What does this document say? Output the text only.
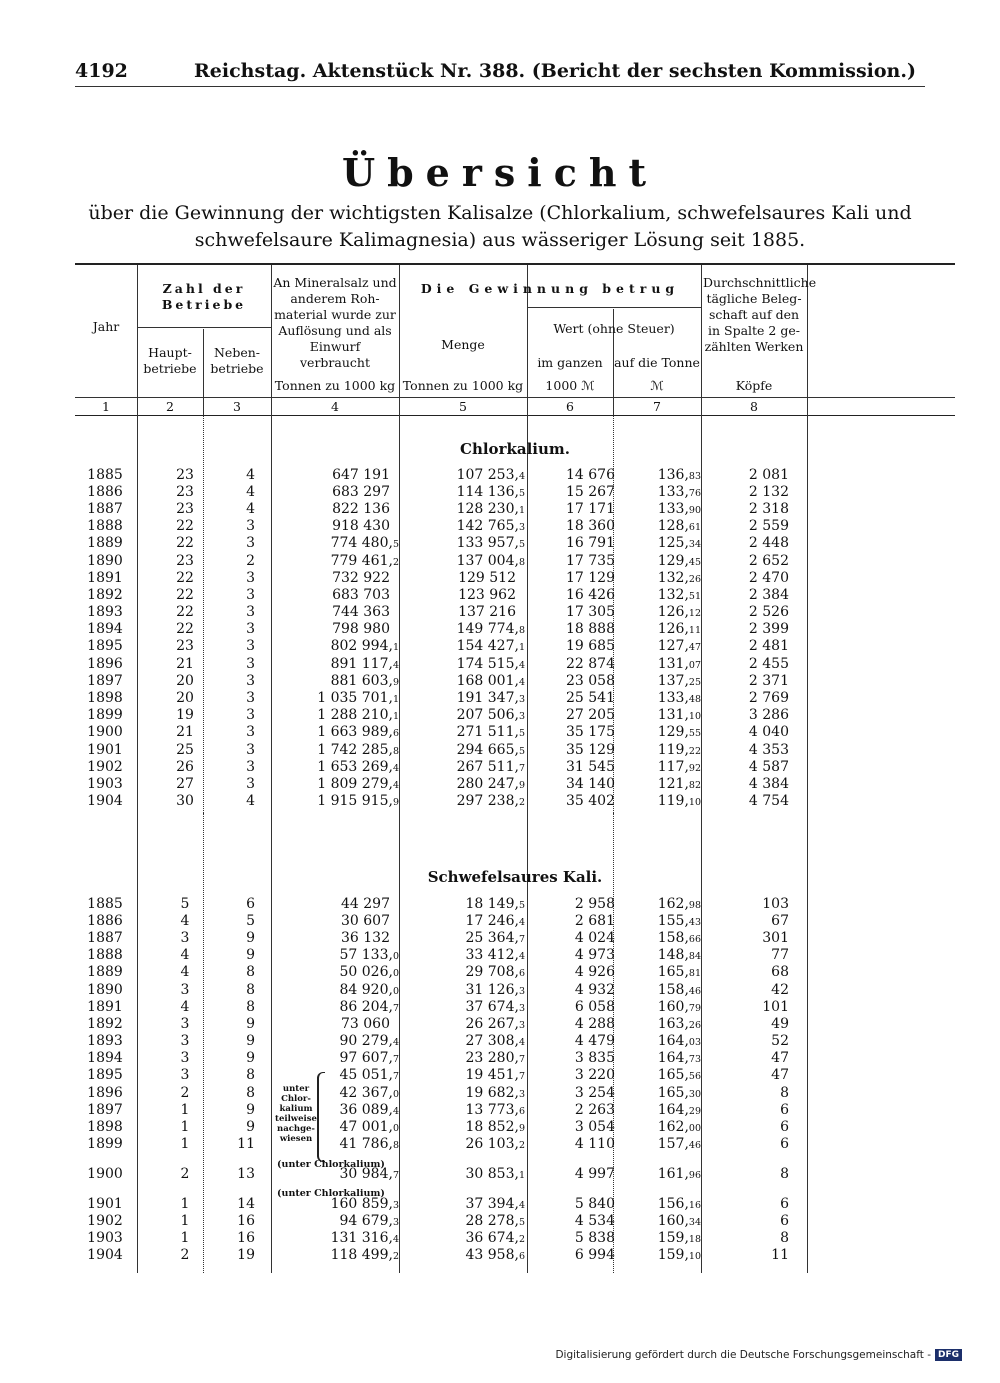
4192	Reichstag. Aktenstück Nr. 388. (Bericht der sechsten Kommission.)
Übersicht
über die Gewinnung der wichtigsten Kalisalze (Chlorkalium, schwefelsaures Kali und schwefelsaure Kalimagnesia) aus wässeriger Lösung seit 1885.
Jahr
Zahl der Betriebe
Haupt-betriebe
Neben-betriebe
An Mineralsalz und anderem Roh-material wurde zur Auflösung und als Einwurf verbraucht
Tonnen zu 1000 kg
Die Gewinnung betrug
Menge
Tonnen zu 1000 kg
Wert (ohne Steuer)
im ganzen
1000 ℳ
auf die Tonne
ℳ
Durchschnittliche tägliche Beleg-schaft auf den in Spalte 2 ge-zählten Werken
Köpfe
1	2	3	4	5	6	7	8
Chlorkalium.
Schwefelsaures Kali.
1885	23	4	647 191	107 253,4	14 676	136,83	2 081
1886	23	4	683 297	114 136,5	15 267	133,76	2 132
1887	23	4	822 136	128 230,1	17 171	133,90	2 318
1888	22	3	918 430	142 765,3	18 360	128,61	2 559
1889	22	3	774 480,5	133 957,5	16 791	125,34	2 448
1890	23	2	779 461,2	137 004,8	17 735	129,45	2 652
1891	22	3	732 922	129 512	17 129	132,26	2 470
1892	22	3	683 703	123 962	16 426	132,51	2 384
1893	22	3	744 363	137 216	17 305	126,12	2 526
1894	22	3	798 980	149 774,8	18 888	126,11	2 399
1895	23	3	802 994,1	154 427,1	19 685	127,47	2 481
1896	21	3	891 117,4	174 515,4	22 874	131,07	2 455
1897	20	3	881 603,9	168 001,4	23 058	137,25	2 371
1898	20	3	1 035 701,1	191 347,3	25 541	133,48	2 769
1899	19	3	1 288 210,1	207 506,3	27 205	131,10	3 286
1900	21	3	1 663 989,6	271 511,5	35 175	129,55	4 040
1901	25	3	1 742 285,8	294 665,5	35 129	119,22	4 353
1902	26	3	1 653 269,4	267 511,7	31 545	117,92	4 587
1903	27	3	1 809 279,4	280 247,9	34 140	121,82	4 384
1904	30	4	1 915 915,9	297 238,2	35 402	119,10	4 754
1885	5	6	44 297	18 149,5	2 958	162,98	103
1886	4	5	30 607	17 246,4	2 681	155,43	67
1887	3	9	36 132	25 364,7	4 024	158,66	301
1888	4	9	57 133,0	33 412,4	4 973	148,84	77
1889	4	8	50 026,0	29 708,6	4 926	165,81	68
1890	3	8	84 920,0	31 126,3	4 932	158,46	42
1891	4	8	86 204,7	37 674,3	6 058	160,79	101
1892	3	9	73 060	26 267,3	4 288	163,26	49
1893	3	9	90 279,4	27 308,4	4 479	164,03	52
1894	3	9	97 607,7	23 280,7	3 835	164,73	47
1895	3	8	45 051,7	19 451,7	3 220	165,56	47
1896	2	8	42 367,0	19 682,3	3 254	165,30	8
1897	1	9	36 089,4	13 773,6	2 263	164,29	6
1898	1	9	47 001,0	18 852,9	3 054	162,00	6
1899	1	11	41 786,8	26 103,2	4 110	157,46	6
1900	2	13	30 984,7	30 853,1	4 997	161,96	8
1901	1	14	160 859,3	37 394,4	5 840	156,16	6
1902	1	16	94 679,3	28 278,5	4 534	160,34	6
1903	1	16	131 316,4	36 674,2	5 838	159,18	8
1904	2	19	118 499,2	43 958,6	6 994	159,10	11
unter Chlor-kalium teilweise nachge-wiesen
(unter Chlorkalium)
(unter Chlorkalium)
Digitalisierung gefördert durch die Deutsche Forschungsgemeinschaft - DFG
